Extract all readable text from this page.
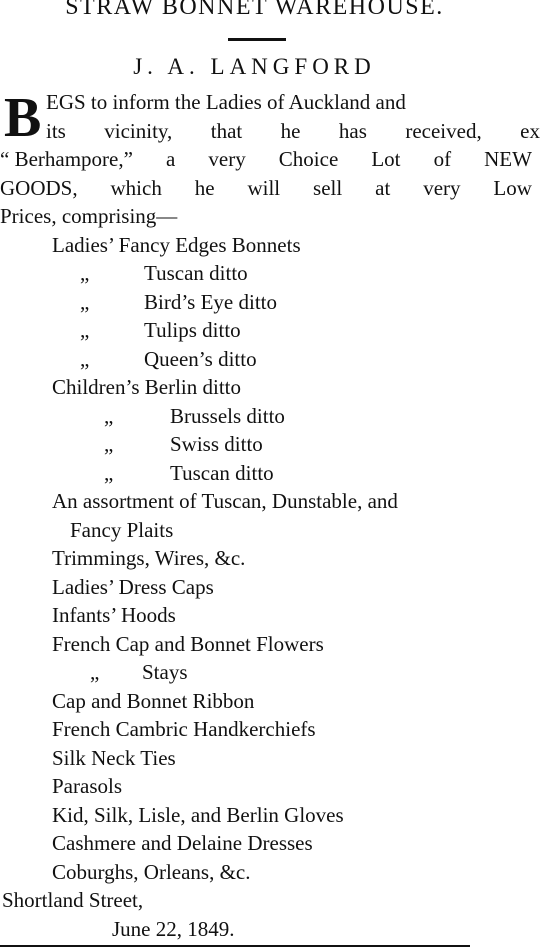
STRAW BONNET WAREHOUSE.
J. A. LANGFORD
B EGS to inform the Ladies of Auckland and
its vicinity, that he has received, ex
“ Berhampore,” a very Choice Lot of NEW
GOODS, which he will sell at very Low
Prices, comprising—
Ladies’ Fancy Edges Bonnets
„	Tuscan ditto
„	Bird’s Eye ditto
„	Tulips ditto
„	Queen’s ditto
Children’s Berlin ditto
„	Brussels ditto
„	Swiss ditto
„	Tuscan ditto
An assortment of Tuscan, Dunstable, and
Fancy Plaits
Trimmings, Wires, &c.
Ladies’ Dress Caps
Infants’ Hoods
French Cap and Bonnet Flowers
„	Stays
Cap and Bonnet Ribbon
French Cambric Handkerchiefs
Silk Neck Ties
Parasols
Kid, Silk, Lisle, and Berlin Gloves
Cashmere and Delaine Dresses
Coburghs, Orleans, &c.
Shortland Street,
June 22, 1849.
